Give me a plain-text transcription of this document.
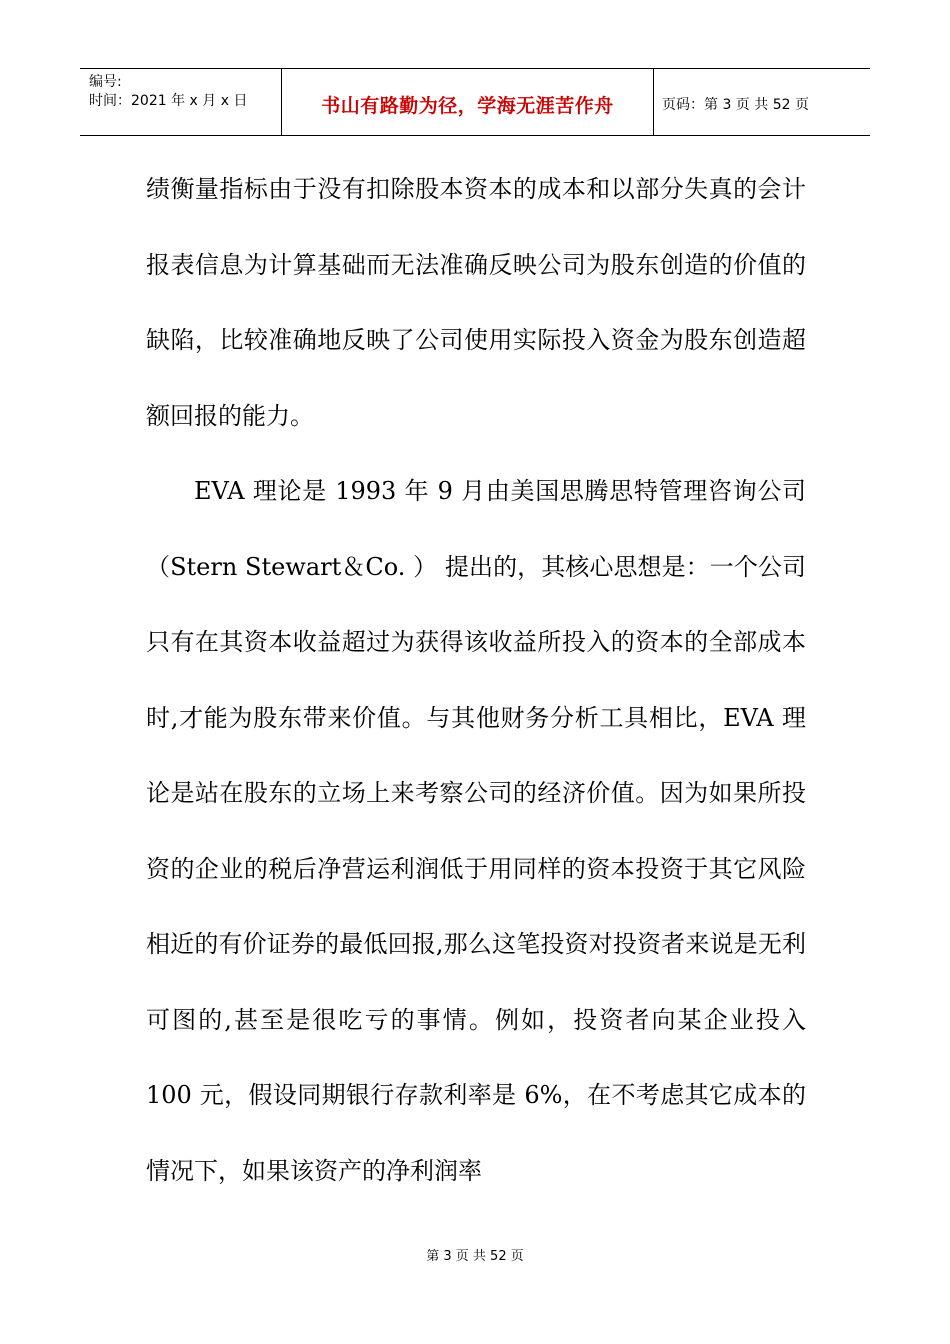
编号:
时间：2021 年 x 月 x 日	书山有路勤为径，学海无涯苦作舟	页码：第 3 页 共 52 页

绩衡量指标由于没有扣除股本资本的成本和以部分失真的会计报表信息为计算基础而无法准确反映公司为股东创造的价值的缺陷，比较准确地反映了公司使用实际投入资金为股东创造超额回报的能力。

EVA 理论是 1993 年 9 月由美国思腾思特管理咨询公司（Stern Stewart＆Co. ） 提出的，其核心思想是：一个公司只有在其资本收益超过为获得该收益所投入的资本的全部成本时,才能为股东带来价值。与其他财务分析工具相比，EVA 理论是站在股东的立场上来考察公司的经济价值。因为如果所投资的企业的税后净营运利润低于用同样的资本投资于其它风险相近的有价证券的最低回报,那么这笔投资对投资者来说是无利可图的,甚至是很吃亏的事情。例如，投资者向某企业投入 100 元，假设同期银行存款利率是 6%，在不考虑其它成本的情况下，如果该资产的净利润率

第 3 页 共 52 页
